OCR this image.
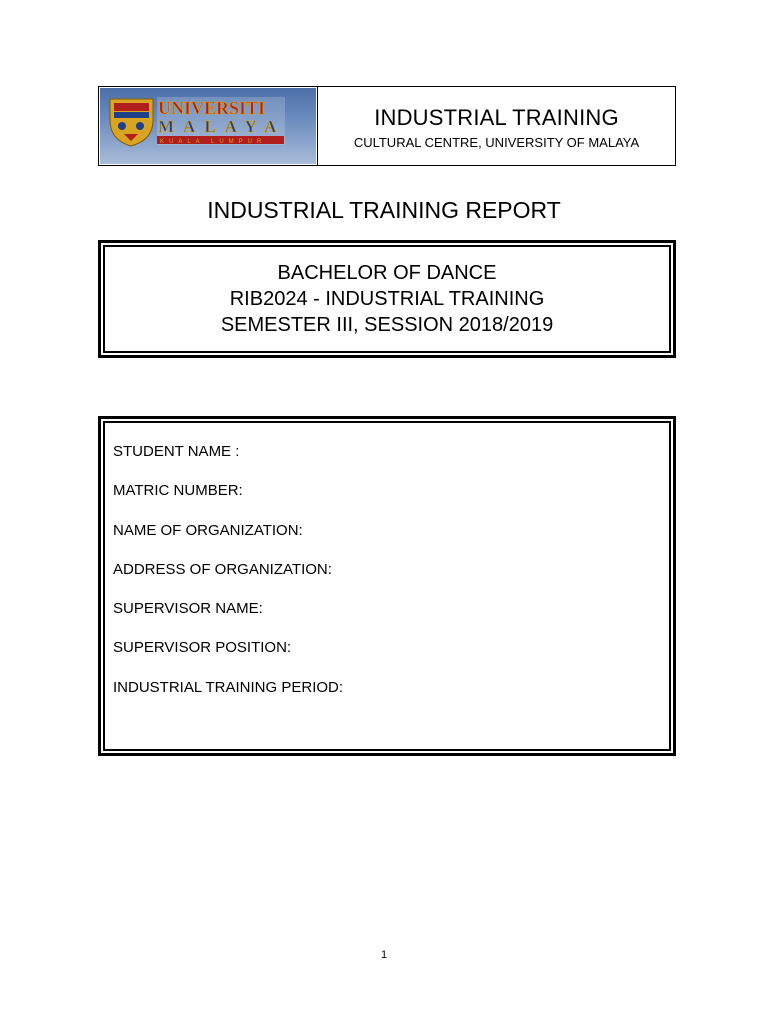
UNIVERSITI
MALAYA
KUALA LUMPUR
INDUSTRIAL TRAINING
CULTURAL CENTRE, UNIVERSITY OF MALAYA
INDUSTRIAL TRAINING REPORT
BACHELOR OF DANCE
RIB2024 - INDUSTRIAL TRAINING
SEMESTER III, SESSION 2018/2019
STUDENT NAME :
MATRIC NUMBER:
NAME OF ORGANIZATION:
ADDRESS OF ORGANIZATION:
SUPERVISOR NAME:
SUPERVISOR POSITION:
INDUSTRIAL TRAINING PERIOD:
1
